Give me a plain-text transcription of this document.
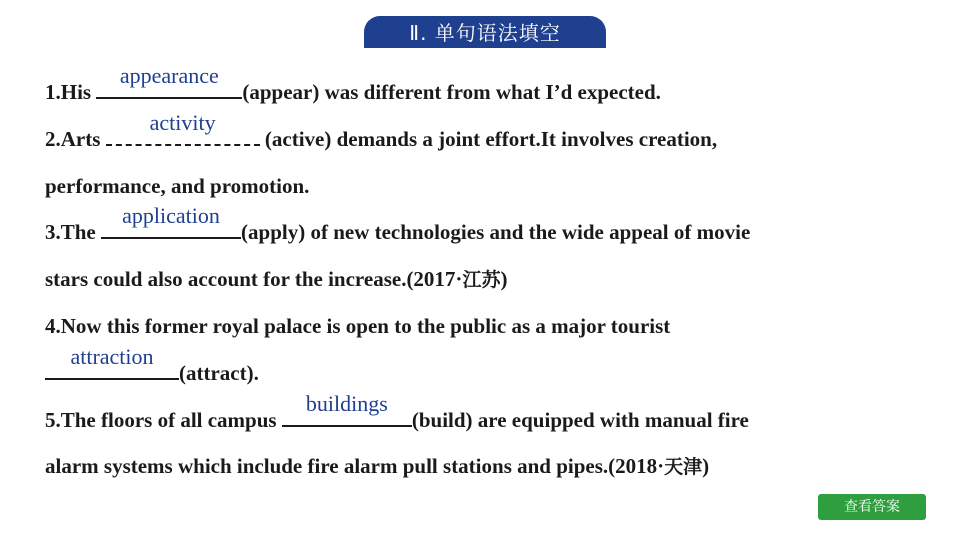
Ⅱ. 单句语法填空
1.His
appearance
(appear) was different from what I’d expected.
2.Arts
activity
(active) demands a joint effort.It involves creation,
performance, and promotion.
3.The
application
(apply) of new technologies and the wide appeal of movie
stars could also account for the increase.(2017·江苏)
4.Now this former royal palace is open to the public as a major tourist
attraction
(attract).
5.The floors of all campus
buildings
(build) are equipped with manual fire
alarm systems which include fire alarm pull stations and pipes.(2018·天津)
查看答案
